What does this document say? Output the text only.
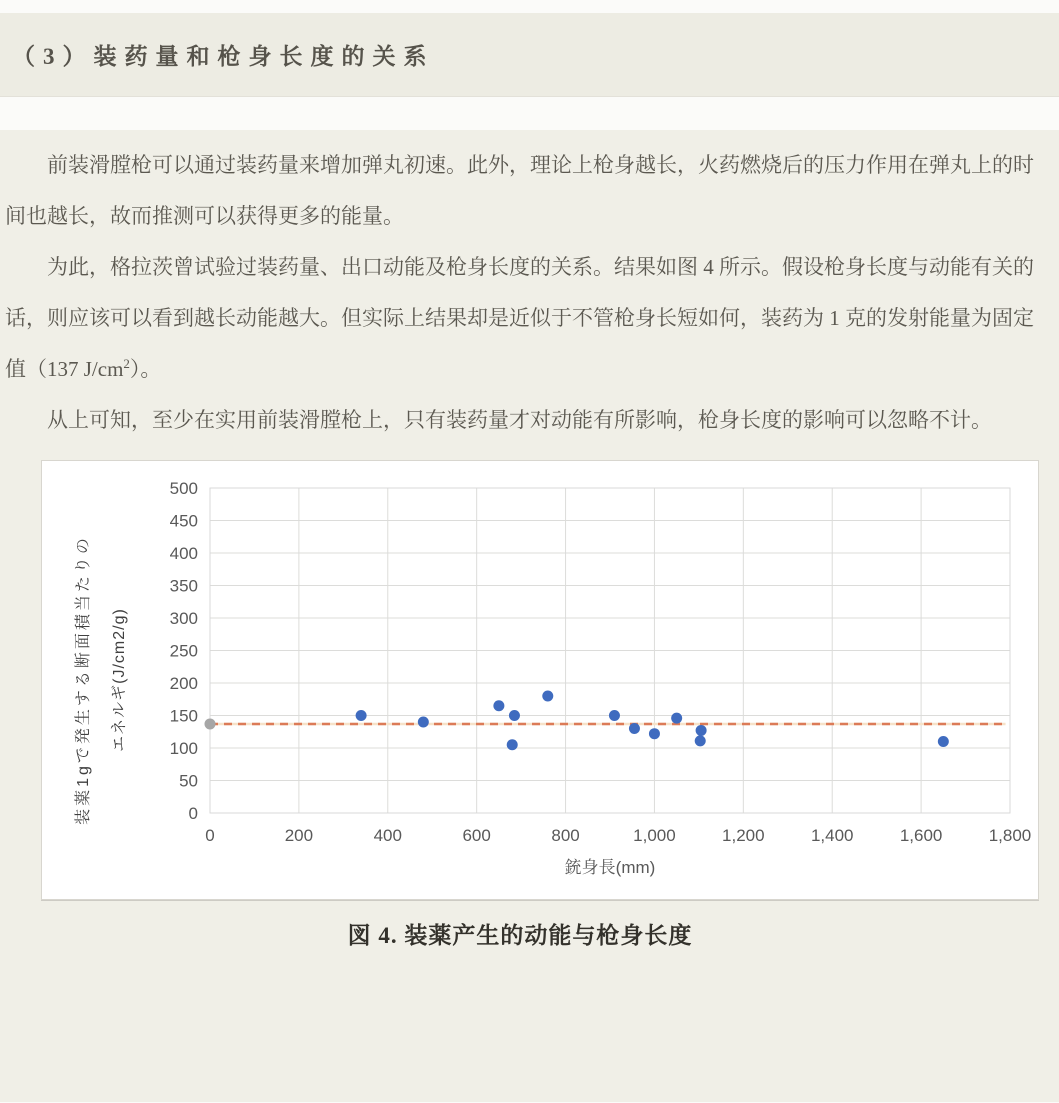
（3）装药量和枪身长度的关系

前装滑膛枪可以通过装药量来增加弹丸初速。此外，理论上枪身越长，火药燃烧后的压力作用在弹丸上的时间也越长，故而推测可以获得更多的能量。

为此，格拉茨曾试验过装药量、出口动能及枪身长度的关系。结果如图 4 所示。假设枪身长度与动能有关的话，则应该可以看到越长动能越大。但实际上结果却是近似于不管枪身长短如何，装药为 1 克的发射能量为固定值（137 $J/cm^2$）。

从上可知，至少在实用前装滑膛枪上，只有装药量才对动能有所影响，枪身长度的影响可以忽略不计。

0
50
100
150
200
250
300
350
400
450
500
0	200	400	600	800	1,000	1,200	1,400	1,600	1,800
銃身長(mm)
装薬1gで発生する断面積当たりの エネルギ(J/cm2/g)
図 4. 装薬产生的动能与枪身长度
